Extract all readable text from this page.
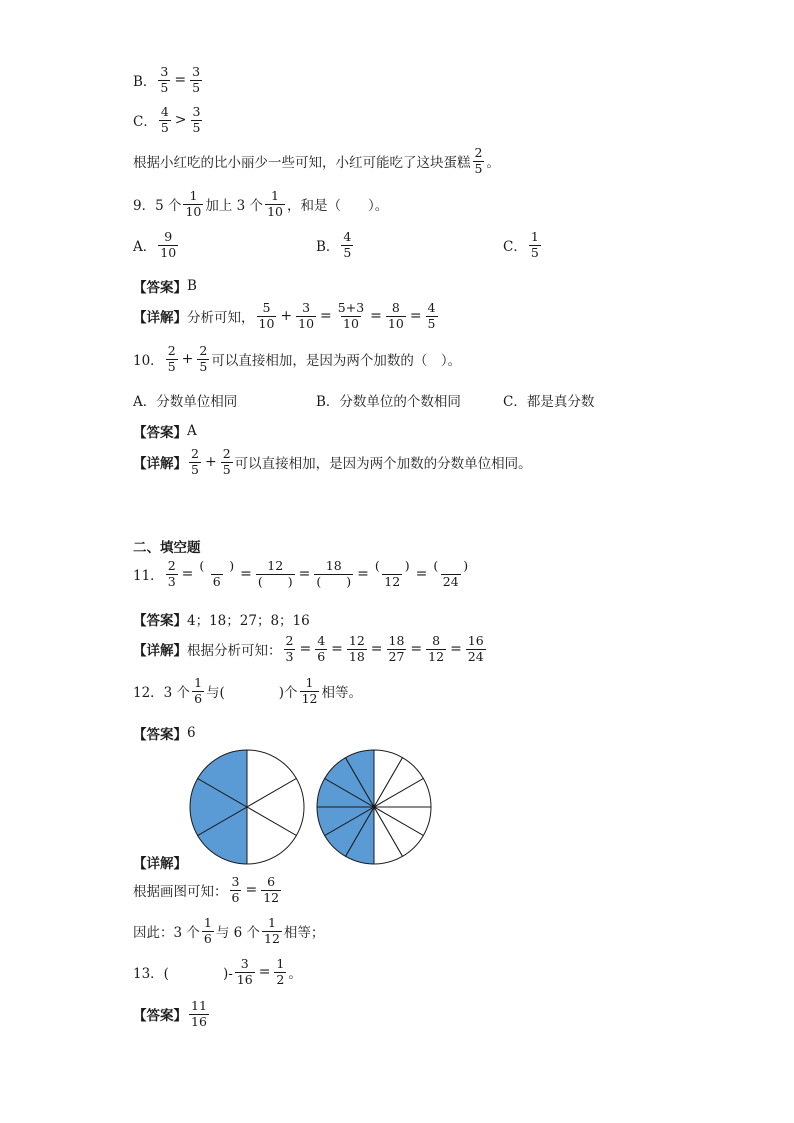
B． $\frac{3}{5} = \frac{3}{5}$
C． $\frac{4}{5} > \frac{3}{5}$
根据小红吃的比小丽少一些可知，小红可能吃了这块蛋糕 $\frac{2}{5}$ 。
9．5 个 $\frac{1}{10}$ 加上 3 个 $\frac{1}{10}$ ，和是（　　）。
A． $\frac{9}{10}$	B． $\frac{4}{5}$	C． $\frac{1}{5}$
【答案】 B
【详解】 分析可知， $\frac{5}{10} + \frac{3}{10} = \frac{5+3}{10} = \frac{8}{10} = \frac{4}{5}$
10． $\frac{2}{5} + \frac{2}{5}$ 可以直接相加，是因为两个加数的（　）。
A．分数单位相同	B．分数单位的个数相同	C．都是真分数
【答案】 A
【详解】 $\frac{2}{5} + \frac{2}{5}$ 可以直接相加，是因为两个加数的分数单位相同。
二、填空题
11． $\frac{2}{3} = \frac{( )}{6} = \frac{12}{( )} = \frac{18}{( )} = \frac{( )}{12} = \frac{( )}{24}$
【答案】 4；18；27；8；16
【详解】 根据分析可知： $\frac{2}{3} = \frac{4}{6} = \frac{12}{18} = \frac{18}{27} = \frac{8}{12} = \frac{16}{24}$
12．3 个 $\frac{1}{6}$ 与(　　　　)个 $\frac{1}{12}$ 相等。
【答案】 6
【详解】
根据画图可知： $\frac{3}{6} = \frac{6}{12}$
因此：3 个 $\frac{1}{6}$ 与 6 个 $\frac{1}{12}$ 相等；
13．(　　　　)- $\frac{3}{16} = \frac{1}{2}$ 。
【答案】 $\frac{11}{16}$
